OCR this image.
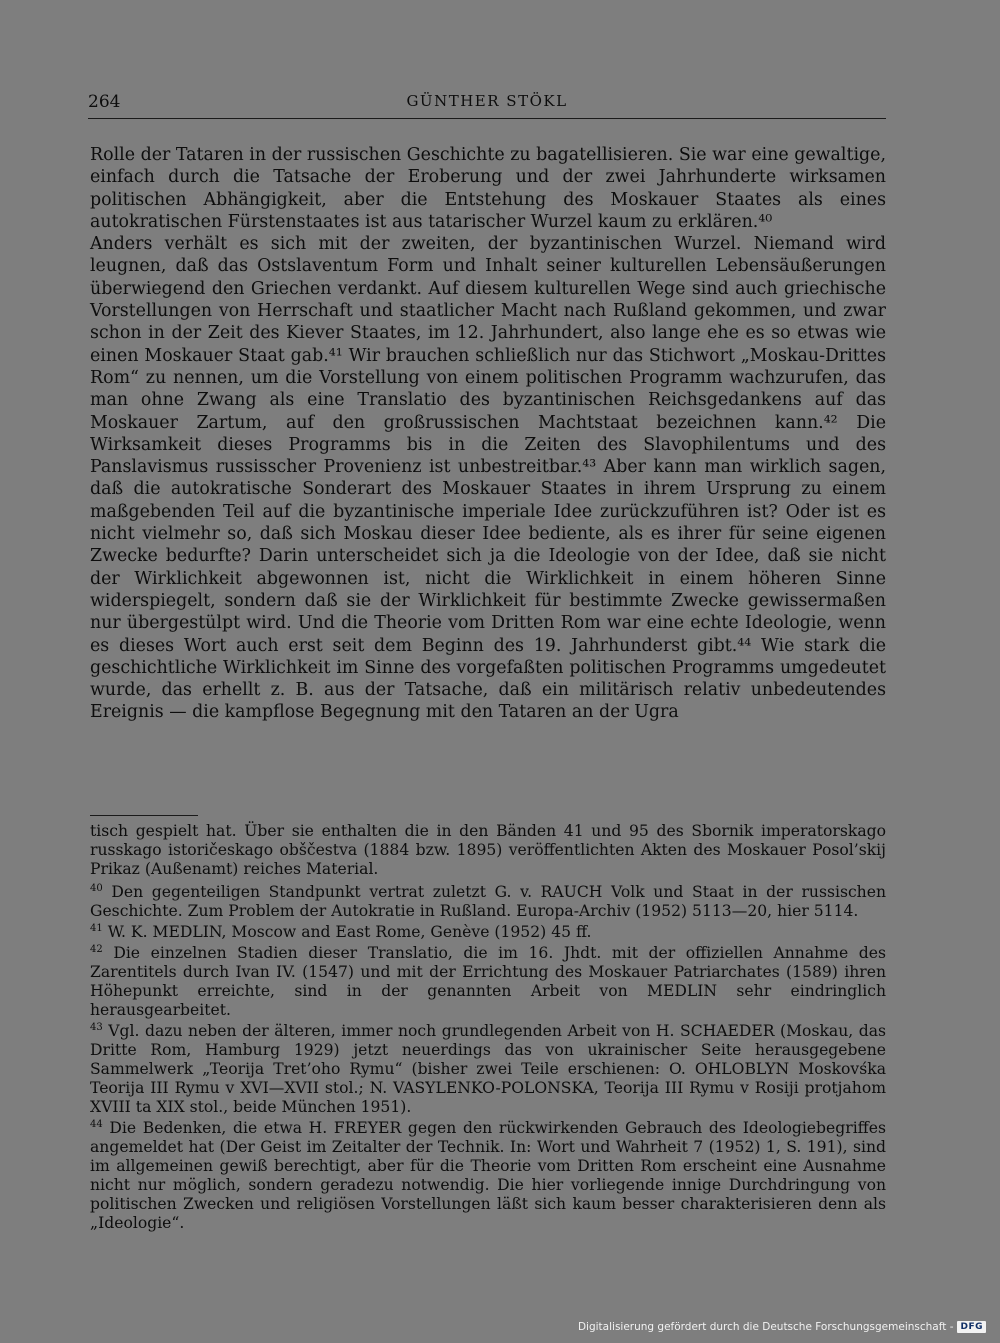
264	GÜNTHER STÖKL

Rolle der Tataren in der russischen Geschichte zu bagatellisieren. Sie war eine gewaltige, einfach durch die Tatsache der Eroberung und der zwei Jahrhunderte wirksamen politischen Abhängigkeit, aber die Entstehung des Moskauer Staates als eines autokratischen Fürstenstaates ist aus tatarischer Wurzel kaum zu erklären.⁴⁰

Anders verhält es sich mit der zweiten, der byzantinischen Wurzel. Niemand wird leugnen, daß das Ostslaventum Form und Inhalt seiner kulturellen Lebensäußerungen überwiegend den Griechen verdankt. Auf diesem kulturellen Wege sind auch griechische Vorstellungen von Herrschaft und staatlicher Macht nach Rußland gekommen, und zwar schon in der Zeit des Kiever Staates, im 12. Jahrhundert, also lange ehe es so etwas wie einen Moskauer Staat gab.⁴¹ Wir brauchen schließlich nur das Stichwort „Moskau-Drittes Rom“ zu nennen, um die Vorstellung von einem politischen Programm wachzurufen, das man ohne Zwang als eine Translatio des byzantinischen Reichsgedankens auf das Moskauer Zartum, auf den großrussischen Machtstaat bezeichnen kann.⁴² Die Wirksamkeit dieses Programms bis in die Zeiten des Slavophilentums und des Panslavismus russisscher Provenienz ist unbestreitbar.⁴³ Aber kann man wirklich sagen, daß die autokratische Sonderart des Moskauer Staates in ihrem Ursprung zu einem maßgebenden Teil auf die byzantinische imperiale Idee zurückzuführen ist? Oder ist es nicht vielmehr so, daß sich Moskau dieser Idee bediente, als es ihrer für seine eigenen Zwecke bedurfte? Darin unterscheidet sich ja die Ideologie von der Idee, daß sie nicht der Wirklichkeit abgewonnen ist, nicht die Wirklichkeit in einem höheren Sinne widerspiegelt, sondern daß sie der Wirklichkeit für bestimmte Zwecke gewissermaßen nur übergestülpt wird. Und die Theorie vom Dritten Rom war eine echte Ideologie, wenn es dieses Wort auch erst seit dem Beginn des 19. Jahrhunderst gibt.⁴⁴ Wie stark die geschichtliche Wirklichkeit im Sinne des vorgefaßten politischen Programms umgedeutet wurde, das erhellt z. B. aus der Tatsache, daß ein militärisch relativ unbedeutendes Ereignis — die kampflose Begegnung mit den Tataren an der Ugra

tisch gespielt hat. Über sie enthalten die in den Bänden 41 und 95 des Sbornik imperatorskago russkago istoričeskago obščestva (1884 bzw. 1895) veröffentlichten Akten des Moskauer Posol’skij Prikaz (Außenamt) reiches Material.

$^{40}$ Den gegenteiligen Standpunkt vertrat zuletzt G. v. RAUCH Volk und Staat in der russischen Geschichte. Zum Problem der Autokratie in Rußland. Europa-Archiv (1952) 5113—20, hier 5114.

$^{41}$ W. K. MEDLIN, Moscow and East Rome, Genève (1952) 45 ff.

$^{42}$ Die einzelnen Stadien dieser Translatio, die im 16. Jhdt. mit der offiziellen Annahme des Zarentitels durch Ivan IV. (1547) und mit der Errichtung des Moskauer Patriarchates (1589) ihren Höhepunkt erreichte, sind in der genannten Arbeit von MEDLIN sehr eindringlich herausgearbeitet.

$^{43}$ Vgl. dazu neben der älteren, immer noch grundlegenden Arbeit von H. SCHAEDER (Moskau, das Dritte Rom, Hamburg 1929) jetzt neuerdings das von ukrainischer Seite herausgegebene Sammelwerk „Teorija Tret’oho Rymu“ (bisher zwei Teile erschienen: O. OHLOBLYN Moskovśka Teorija III Rymu v XVI—XVII stol.; N. VASYLENKO-POLONSKA, Teorija III Rymu v Rosiji protjahom XVIII ta XIX stol., beide München 1951).

$^{44}$ Die Bedenken, die etwa H. FREYER gegen den rückwirkenden Gebrauch des Ideologiebegriffes angemeldet hat (Der Geist im Zeitalter der Technik. In: Wort und Wahrheit 7 (1952) 1, S. 191), sind im allgemeinen gewiß berechtigt, aber für die Theorie vom Dritten Rom erscheint eine Ausnahme nicht nur möglich, sondern geradezu notwendig. Die hier vorliegende innige Durchdringung von politischen Zwecken und religiösen Vorstellungen läßt sich kaum besser charakterisieren denn als „Ideologie“.

Digitalisierung gefördert durch die Deutsche Forschungsgemeinschaft - DFG
